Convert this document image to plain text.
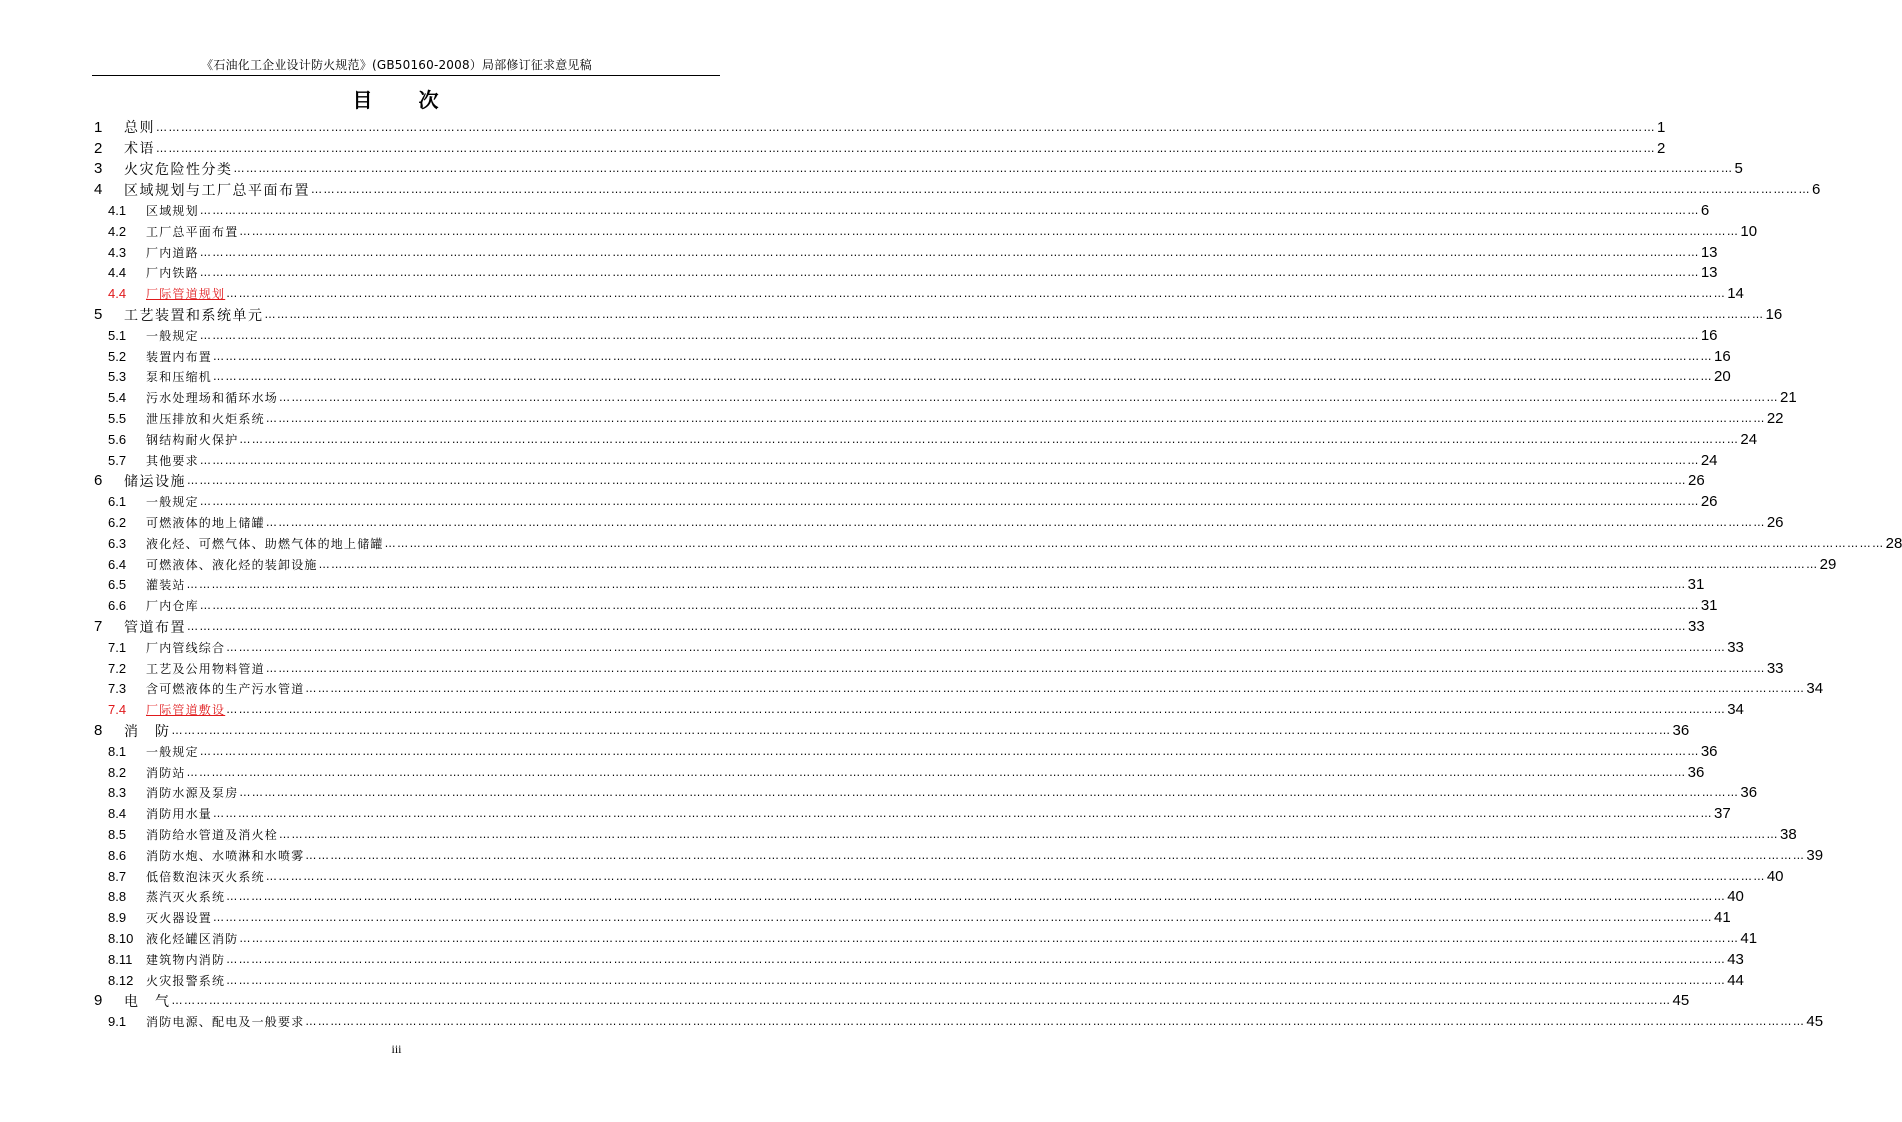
《石油化工企业设计防火规范》(GB50160-2008）局部修订征求意见稿
目　　次
1	总则 ……………………………………………………………………………………………………………………………………………………………………………………………………………………………………………………………………………………………………………………………… 1
2	术语 ……………………………………………………………………………………………………………………………………………………………………………………………………………………………………………………………………………………………………………………………… 2
3	火灾危险性分类 ……………………………………………………………………………………………………………………………………………………………………………………………………………………………………………………………………………………………………………………………… 5
4	区域规划与工厂总平面布置 ……………………………………………………………………………………………………………………………………………………………………………………………………………………………………………………………………………………………………………………………… 6
4.1	区域规划 ……………………………………………………………………………………………………………………………………………………………………………………………………………………………………………………………………………………………………………………………… 6
4.2	工厂总平面布置 ……………………………………………………………………………………………………………………………………………………………………………………………………………………………………………………………………………………………………………………………… 10
4.3	厂内道路 ……………………………………………………………………………………………………………………………………………………………………………………………………………………………………………………………………………………………………………………………… 13
4.4	厂内铁路 ……………………………………………………………………………………………………………………………………………………………………………………………………………………………………………………………………………………………………………………………… 13
4.4	厂际管道规划 ……………………………………………………………………………………………………………………………………………………………………………………………………………………………………………………………………………………………………………………………… 14
5	工艺装置和系统单元 ……………………………………………………………………………………………………………………………………………………………………………………………………………………………………………………………………………………………………………………………… 16
5.1	一般规定 ……………………………………………………………………………………………………………………………………………………………………………………………………………………………………………………………………………………………………………………………… 16
5.2	装置内布置 ……………………………………………………………………………………………………………………………………………………………………………………………………………………………………………………………………………………………………………………………… 16
5.3	泵和压缩机 ……………………………………………………………………………………………………………………………………………………………………………………………………………………………………………………………………………………………………………………………… 20
5.4	污水处理场和循环水场 ……………………………………………………………………………………………………………………………………………………………………………………………………………………………………………………………………………………………………………………………… 21
5.5	泄压排放和火炬系统 ……………………………………………………………………………………………………………………………………………………………………………………………………………………………………………………………………………………………………………………………… 22
5.6	钢结构耐火保护 ……………………………………………………………………………………………………………………………………………………………………………………………………………………………………………………………………………………………………………………………… 24
5.7	其他要求 ……………………………………………………………………………………………………………………………………………………………………………………………………………………………………………………………………………………………………………………………… 24
6	储运设施 ……………………………………………………………………………………………………………………………………………………………………………………………………………………………………………………………………………………………………………………………… 26
6.1	一般规定 ……………………………………………………………………………………………………………………………………………………………………………………………………………………………………………………………………………………………………………………………… 26
6.2	可燃液体的地上储罐 ……………………………………………………………………………………………………………………………………………………………………………………………………………………………………………………………………………………………………………………………… 26
6.3	液化烃、可燃气体、助燃气体的地上储罐 ……………………………………………………………………………………………………………………………………………………………………………………………………………………………………………………………………………………………………………………………… 28
6.4	可燃液体、液化烃的装卸设施 ……………………………………………………………………………………………………………………………………………………………………………………………………………………………………………………………………………………………………………………………… 29
6.5	灌装站 ……………………………………………………………………………………………………………………………………………………………………………………………………………………………………………………………………………………………………………………………… 31
6.6	厂内仓库 ……………………………………………………………………………………………………………………………………………………………………………………………………………………………………………………………………………………………………………………………… 31
7	管道布置 ……………………………………………………………………………………………………………………………………………………………………………………………………………………………………………………………………………………………………………………………… 33
7.1	厂内管线综合 ……………………………………………………………………………………………………………………………………………………………………………………………………………………………………………………………………………………………………………………………… 33
7.2	工艺及公用物料管道 ……………………………………………………………………………………………………………………………………………………………………………………………………………………………………………………………………………………………………………………………… 33
7.3	含可燃液体的生产污水管道 ……………………………………………………………………………………………………………………………………………………………………………………………………………………………………………………………………………………………………………………………… 34
7.4	厂际管道敷设 ……………………………………………………………………………………………………………………………………………………………………………………………………………………………………………………………………………………………………………………………… 34
8	消　防 ……………………………………………………………………………………………………………………………………………………………………………………………………………………………………………………………………………………………………………………………… 36
8.1	一般规定 ……………………………………………………………………………………………………………………………………………………………………………………………………………………………………………………………………………………………………………………………… 36
8.2	消防站 ……………………………………………………………………………………………………………………………………………………………………………………………………………………………………………………………………………………………………………………………… 36
8.3	消防水源及泵房 ……………………………………………………………………………………………………………………………………………………………………………………………………………………………………………………………………………………………………………………………… 36
8.4	消防用水量 ……………………………………………………………………………………………………………………………………………………………………………………………………………………………………………………………………………………………………………………………… 37
8.5	消防给水管道及消火栓 ……………………………………………………………………………………………………………………………………………………………………………………………………………………………………………………………………………………………………………………………… 38
8.6	消防水炮、水喷淋和水喷雾 ……………………………………………………………………………………………………………………………………………………………………………………………………………………………………………………………………………………………………………………………… 39
8.7	低倍数泡沫灭火系统 ……………………………………………………………………………………………………………………………………………………………………………………………………………………………………………………………………………………………………………………………… 40
8.8	蒸汽灭火系统 ……………………………………………………………………………………………………………………………………………………………………………………………………………………………………………………………………………………………………………………………… 40
8.9	灭火器设置 ……………………………………………………………………………………………………………………………………………………………………………………………………………………………………………………………………………………………………………………………… 41
8.10	液化烃罐区消防 ……………………………………………………………………………………………………………………………………………………………………………………………………………………………………………………………………………………………………………………………… 41
8.11	建筑物内消防 ……………………………………………………………………………………………………………………………………………………………………………………………………………………………………………………………………………………………………………………………… 43
8.12	火灾报警系统 ……………………………………………………………………………………………………………………………………………………………………………………………………………………………………………………………………………………………………………………………… 44
9	电　气 ……………………………………………………………………………………………………………………………………………………………………………………………………………………………………………………………………………………………………………………………… 45
9.1	消防电源、配电及一般要求 ……………………………………………………………………………………………………………………………………………………………………………………………………………………………………………………………………………………………………………………………… 45
iii
